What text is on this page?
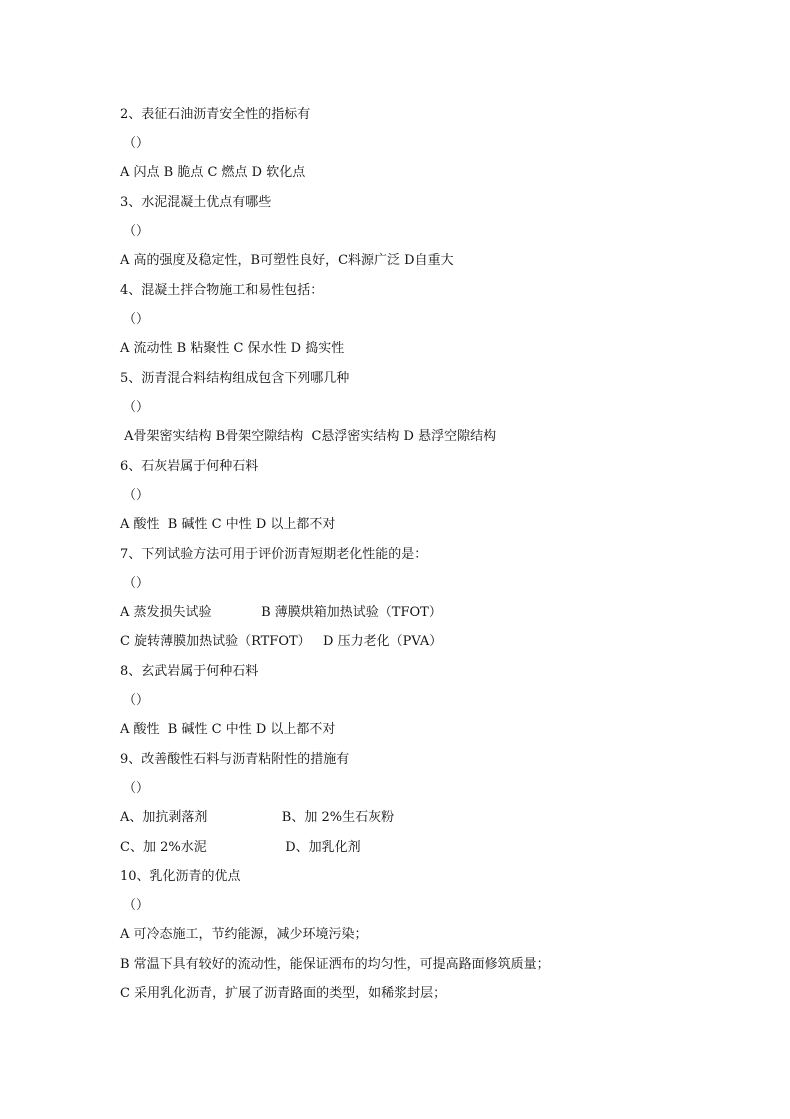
2、表征石油沥青安全性的指标有
（）
A 闪点 B 脆点 C 燃点 D 软化点
3、水泥混凝土优点有哪些
（）
A 高的强度及稳定性，B可塑性良好，C料源广泛 D自重大
4、混凝土拌合物施工和易性包括：
（）
A 流动性 B 粘聚性 C 保水性 D 捣实性
5、沥青混合料结构组成包含下列哪几种
（）
A骨架密实结构 B骨架空隙结构  C悬浮密实结构 D 悬浮空隙结构
6、石灰岩属于何种石料
（）
A 酸性  B 碱性 C 中性 D 以上都不对
7、下列试验方法可用于评价沥青短期老化性能的是：
（）
A 蒸发损失试验            B 薄膜烘箱加热试验（TFOT）
C 旋转薄膜加热试验（RTFOT）   D 压力老化（PVA）
8、玄武岩属于何种石料
（）
A 酸性  B 碱性 C 中性 D 以上都不对
9、改善酸性石料与沥青粘附性的措施有
（）
A、加抗剥落剂                  B、加 2%生石灰粉
C、加 2%水泥                   D、加乳化剂
10、乳化沥青的优点
（）
A 可冷态施工，节约能源，减少环境污染；
B 常温下具有较好的流动性，能保证洒布的均匀性，可提高路面修筑质量；
C 采用乳化沥青，扩展了沥青路面的类型，如稀浆封层；
